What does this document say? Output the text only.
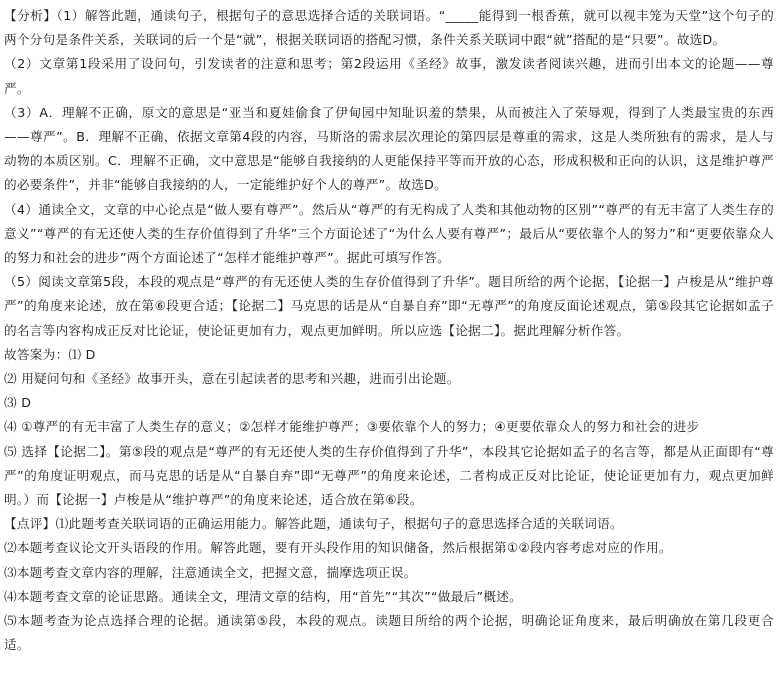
【分析】（1）解答此题，通读句子，根据句子的意思选择合适的关联词语。“_____能得到一根香蕉，就可以视丰笼为天堂”这个句子的两个分句是条件关系，关联词的后一个是“就”，根据关联词语的搭配习惯，条件关系关联词中跟“就”搭配的是“只要”。故选D。

（2）文章第1段采用了设问句，引发读者的注意和思考；第2段运用《圣经》故事，激发读者阅读兴趣，进而引出本文的论题——尊严。

（3）A．理解不正确，原文的意思是“亚当和夏娃偷食了伊甸园中知耻识羞的禁果，从而被注入了荣辱观，得到了人类最宝贵的东西——尊严”。B．理解不正确，依据文章第4段的内容，马斯洛的需求层次理论的第四层是尊重的需求，这是人类所独有的需求，是人与动物的本质区别。C．理解不正确，文中意思是“能够自我接纳的人更能保持平等而开放的心态，形成积极和正向的认识，这是维护尊严的必要条件”，并非“能够自我接纳的人，一定能维护好个人的尊严”。故选D。

（4）通读全文，文章的中心论点是“做人要有尊严”。然后从“尊严的有无构成了人类和其他动物的区别”“尊严的有无丰富了人类生存的意义”“尊严的有无还使人类的生存价值得到了升华”三个方面论述了“为什么人要有尊严”；最后从“要依靠个人的努力”和“更要依靠众人的努力和社会的进步”两个方面论述了“怎样才能维护尊严”。据此可填写作答。

（5）阅读文章第5段，本段的观点是“尊严的有无还使人类的生存价值得到了升华”。题目所给的两个论据，【论据一】卢梭是从“维护尊严”的角度来论述，放在第⑥段更合适；【论据二】马克思的话是从“自暴自弃”即“无尊严”的角度反面论述观点，第⑤段其它论据如孟子的名言等内容构成正反对比论证，使论证更加有力，观点更加鲜明。所以应选【论据二】。据此理解分析作答。

故答案为：⑴ D

⑵ 用疑问句和《圣经》故事开头，意在引起读者的思考和兴趣，进而引出论题。

⑶ D

⑷ ①尊严的有无丰富了人类生存的意义；②怎样才能维护尊严；③要依靠个人的努力；④更要依靠众人的努力和社会的进步

⑸ 选择【论据二】。第⑤段的观点是“尊严的有无还使人类的生存价值得到了升华”，本段其它论据如孟子的名言等，都是从正面即有“尊严”的角度证明观点，而马克思的话是从“自暴自弃”即“无尊严”的角度来论述，二者构成正反对比论证，使论证更加有力，观点更加鲜明。）而【论据一】卢梭是从“维护尊严”的角度来论述，适合放在第⑥段。

【点评】⑴此题考查关联词语的正确运用能力。解答此题，通读句子，根据句子的意思选择合适的关联词语。

⑵本题考查议论文开头语段的作用。解答此题，要有开头段作用的知识储备，然后根据第①②段内容考虑对应的作用。

⑶本题考查文章内容的理解，注意通读全文，把握文意，揣摩选项正误。

⑷本题考查文章的论证思路。通读全文，理清文章的结构，用“首先”“其次”“做最后”概述。

⑸本题考查为论点选择合理的论据。通读第⑤段，本段的观点。读题目所给的两个论据，明确论证角度来，最后明确放在第几段更合适。
